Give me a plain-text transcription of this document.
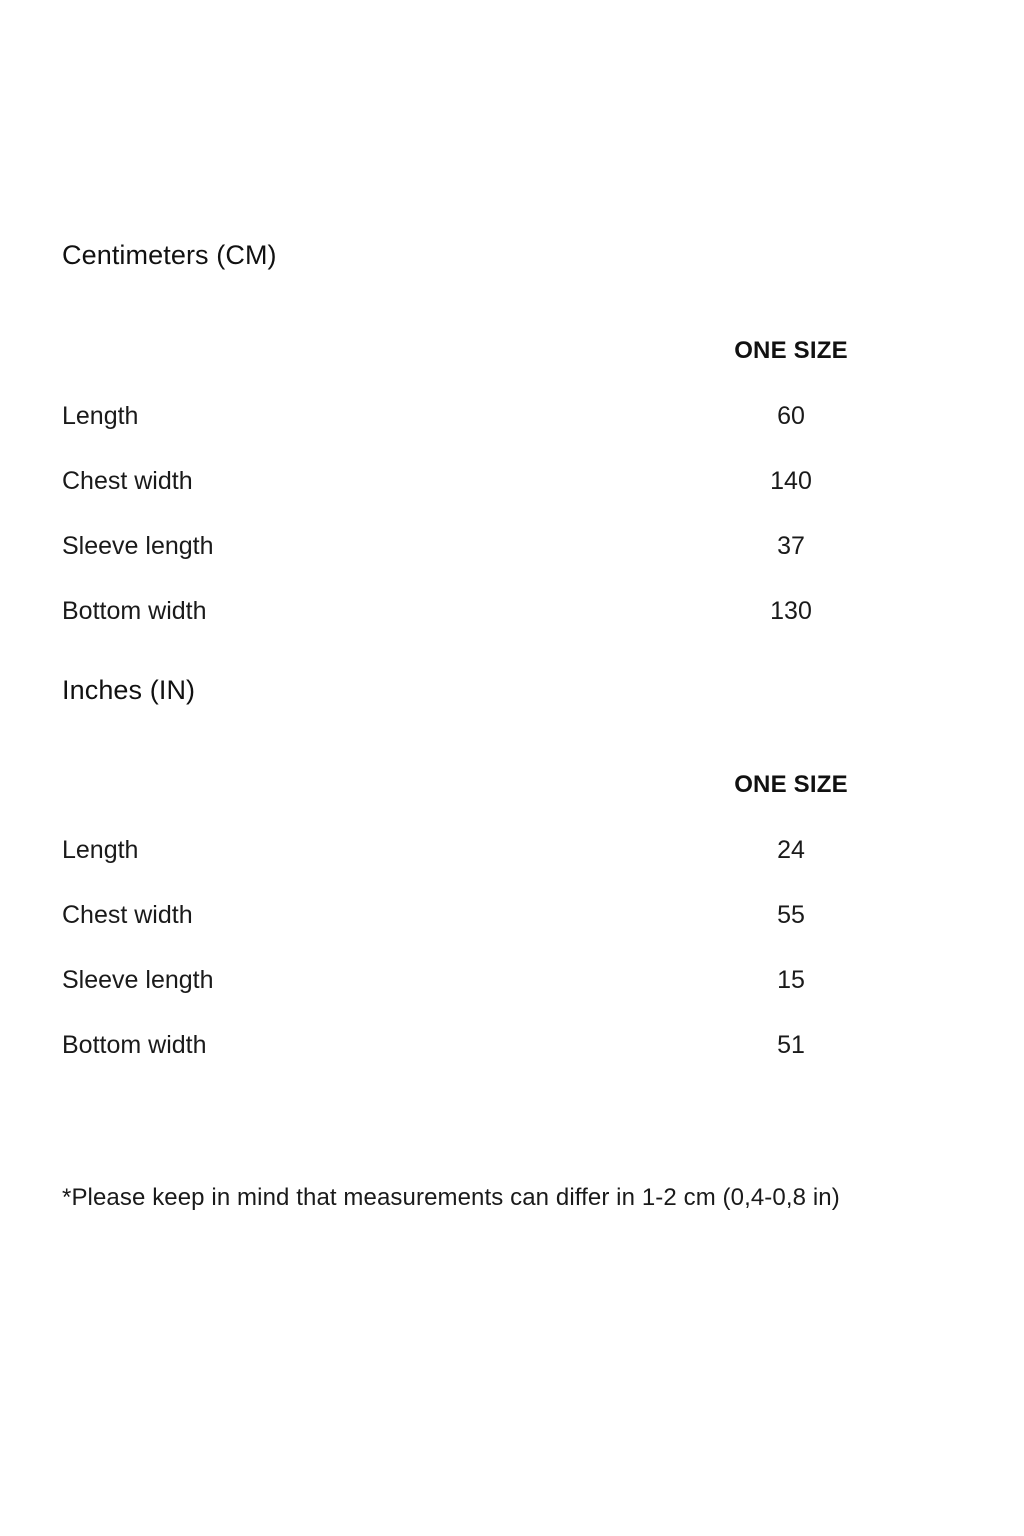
Centimeters (CM)
	ONE SIZE
Length	60
Chest width	140
Sleeve length	37
Bottom width	130
Inches (IN)
	ONE SIZE
Length	24
Chest width	55
Sleeve length	15
Bottom width	51

*Please keep in mind that measurements can differ in 1-2 cm (0,4-0,8 in)
